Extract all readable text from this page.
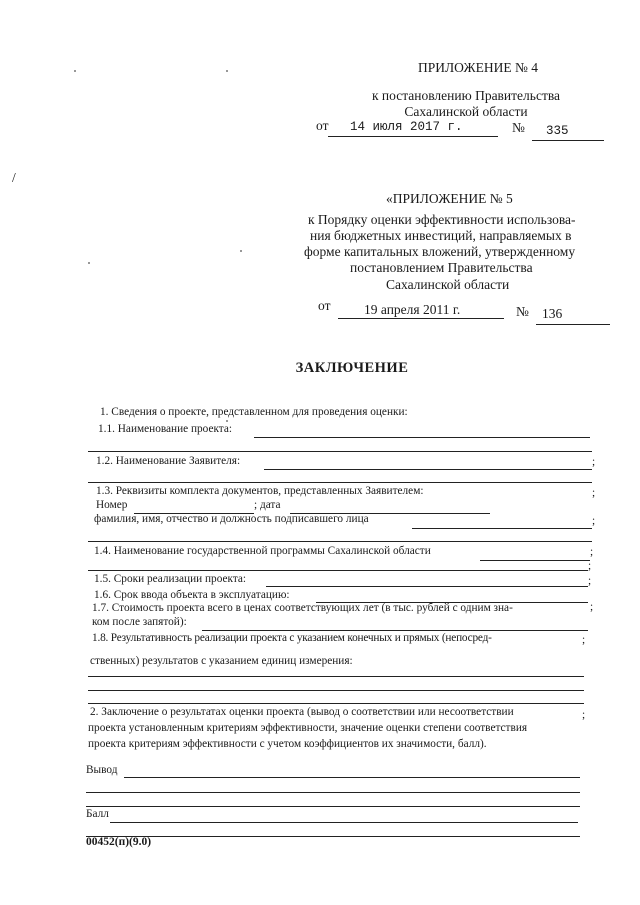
/
ПРИЛОЖЕНИЕ № 4
к постановлению Правительства
Сахалинской области
от 14 июля 2017 г.	№ 335
«ПРИЛОЖЕНИЕ № 5
к Порядку оценки эффективности использова-
ния бюджетных инвестиций, направляемых в
форме капитальных вложений, утвержденному
постановлением Правительства
Сахалинской области
от 19 апреля 2011 г.	№ 136
ЗАКЛЮЧЕНИЕ
1. Сведения о проекте, представленном для проведения оценки:
1.1. Наименование проекта:
1.2. Наименование Заявителя:	;
1.3. Реквизиты комплекта документов, представленных Заявителем:	;
Номер	; дата
фамилия, имя, отчество и должность подписавшего лица	;
1.4. Наименование государственной программы Сахалинской области	;
;
1.5. Сроки реализации проекта:	;
1.6. Срок ввода объекта в эксплуатацию:
1.7. Стоимость проекта всего в ценах соответствующих лет (в тыс. рублей с одним зна-	;
ком после запятой):
1.8. Результативность реализации проекта с указанием конечных и прямых (непосред-	;
ственных) результатов с указанием единиц измерения:
2. Заключение о результатах оценки проекта (вывод о соответствии или несоответствии	;
проекта установленным критериям эффективности, значение оценки степени соответствия
проекта критериям эффективности с учетом коэффициентов их значимости, балл).
Вывод
Балл
00452(п)(9.0)
